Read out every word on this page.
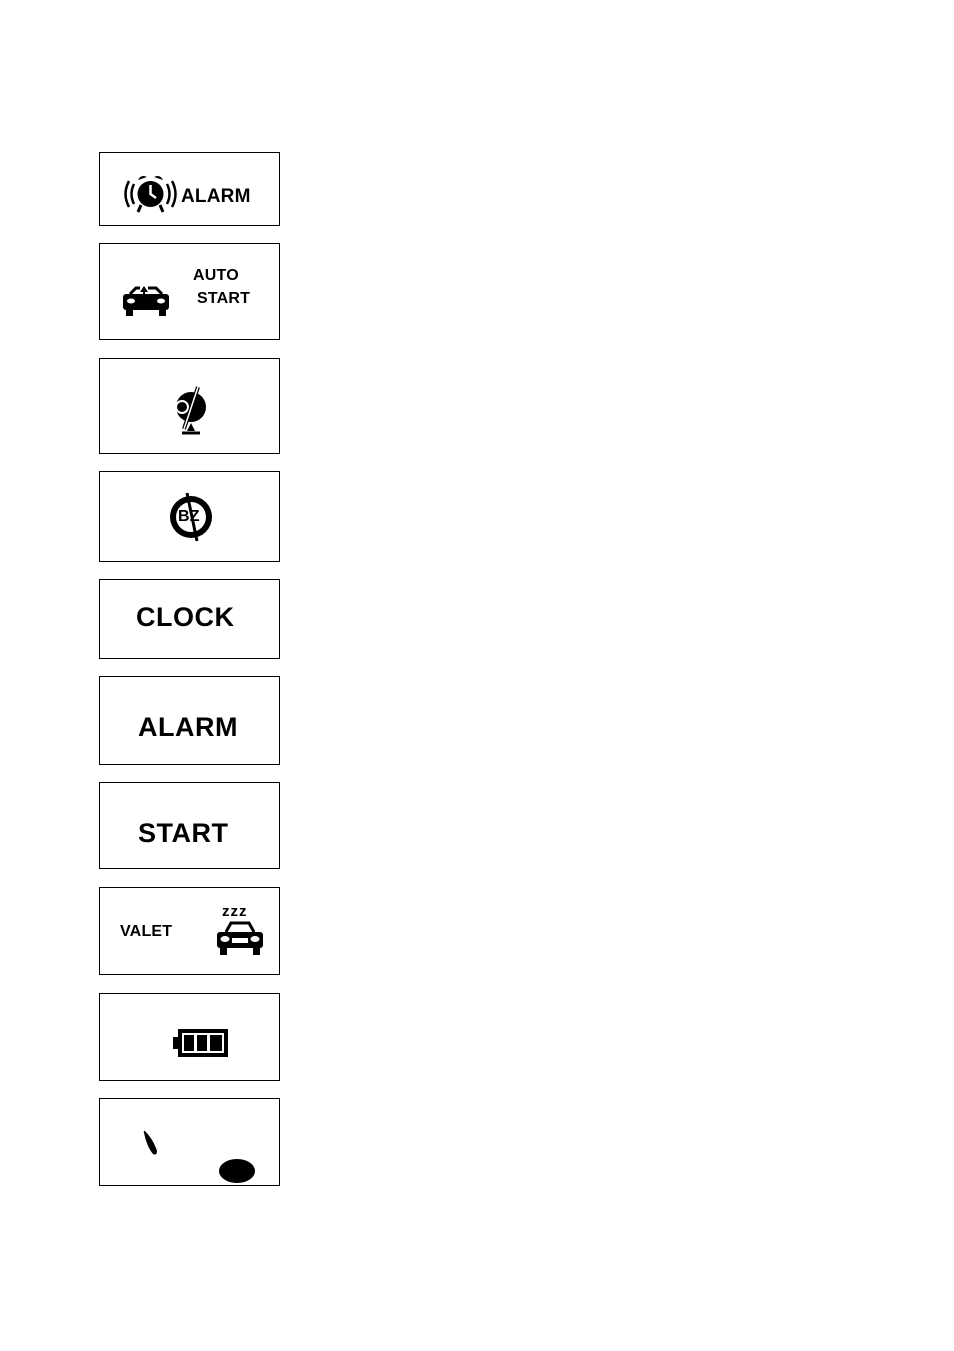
ALARM
AUTO
START
BZ
CLOCK
ALARM
START
VALET
zzz
